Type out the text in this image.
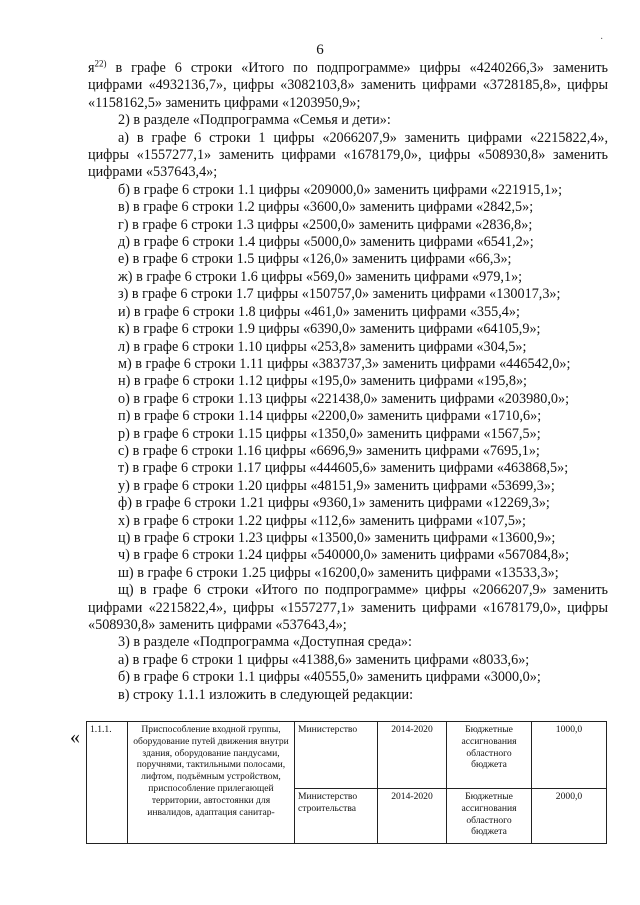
6
·

$я^{22)}$ в графе 6 строки «Итого по подпрограмме» цифры «4240266,3» заменить цифрами «4932136,7», цифры «3082103,8» заменить цифрами «3728185,8», цифры «1158162,5» заменить цифрами «1203950,9»;

2) в разделе «Подпрограмма «Семья и дети»:

а) в графе 6 строки 1 цифры «2066207,9» заменить цифрами «2215822,4», цифры «1557277,1» заменить цифрами «1678179,0», цифры «508930,8» заменить цифрами «537643,4»;

б) в графе 6 строки 1.1 цифры «209000,0» заменить цифрами «221915,1»;

в) в графе 6 строки 1.2 цифры «3600,0» заменить цифрами «2842,5»;

г) в графе 6 строки 1.3 цифры «2500,0» заменить цифрами «2836,8»;

д) в графе 6 строки 1.4 цифры «5000,0» заменить цифрами «6541,2»;

е) в графе 6 строки 1.5 цифры «126,0» заменить цифрами «66,3»;

ж) в графе 6 строки 1.6 цифры «569,0» заменить цифрами «979,1»;

з) в графе 6 строки 1.7 цифры «150757,0» заменить цифрами «130017,3»;

и) в графе 6 строки 1.8 цифры «461,0» заменить цифрами «355,4»;

к) в графе 6 строки 1.9 цифры «6390,0» заменить цифрами «64105,9»;

л) в графе 6 строки 1.10 цифры «253,8» заменить цифрами «304,5»;

м) в графе 6 строки 1.11 цифры «383737,3» заменить цифрами «446542,0»;

н) в графе 6 строки 1.12 цифры «195,0» заменить цифрами «195,8»;

о) в графе 6 строки 1.13 цифры «221438,0» заменить цифрами «203980,0»;

п) в графе 6 строки 1.14 цифры «2200,0» заменить цифрами «1710,6»;

р) в графе 6 строки 1.15 цифры «1350,0» заменить цифрами «1567,5»;

с) в графе 6 строки 1.16 цифры «6696,9» заменить цифрами «7695,1»;

т) в графе 6 строки 1.17 цифры «444605,6» заменить цифрами «463868,5»;

у) в графе 6 строки 1.20 цифры «48151,9» заменить цифрами «53699,3»;

ф) в графе 6 строки 1.21 цифры «9360,1» заменить цифрами «12269,3»;

х) в графе 6 строки 1.22 цифры «112,6» заменить цифрами «107,5»;

ц) в графе 6 строки 1.23 цифры «13500,0» заменить цифрами «13600,9»;

ч) в графе 6 строки 1.24 цифры «540000,0» заменить цифрами «567084,8»;

ш) в графе 6 строки 1.25 цифры «16200,0» заменить цифрами «13533,3»;

щ) в графе 6 строки «Итого по подпрограмме» цифры «2066207,9» заменить цифрами «2215822,4», цифры «1557277,1» заменить цифрами «1678179,0», цифры «508930,8» заменить цифрами «537643,4»;

3) в разделе «Подпрограмма «Доступная среда»:

а) в графе 6 строки 1 цифры «41388,6» заменить цифрами «8033,6»;

б) в графе 6 строки 1.1 цифры «40555,0» заменить цифрами «3000,0»;

в) строку 1.1.1 изложить в следующей редакции:

« 1.1.1.	Приспособление входной группы, оборудование путей движения внутри здания, оборудование пандусами, поручнями, тактильными полосами, лифтом, подъёмным устройством, приспособление прилегающей территории, автостоянки для инвалидов, адаптация санитар-	Министерство	2014-2020	Бюджетные ассигнования областного бюджета	1000,0
		Министерство строительства	2014-2020	Бюджетные ассигнования областного бюджета	2000,0
